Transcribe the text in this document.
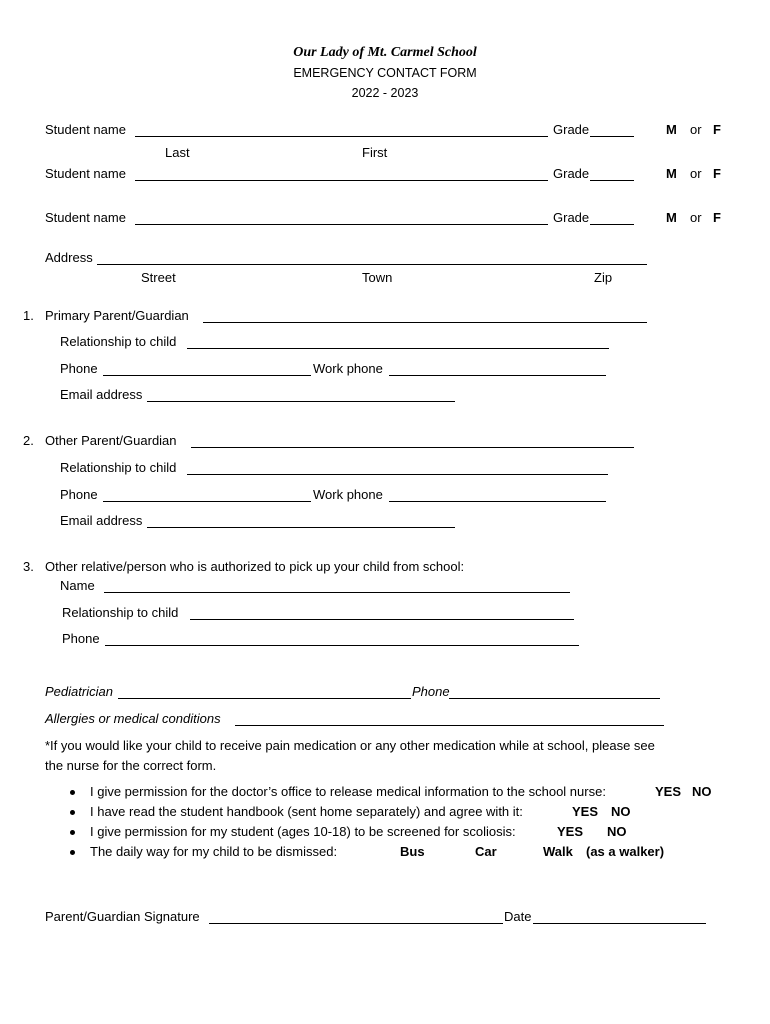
Our Lady of Mt. Carmel School
EMERGENCY CONTACT FORM
2022 - 2023
Student name	Grade	M or F
Last	First
Student name	Grade	M or F
Student name	Grade	M or F
Address
Street	Town	Zip
1. Primary Parent/Guardian
Relationship to child
Phone	Work phone
Email address
2. Other Parent/Guardian
Relationship to child
Phone	Work phone
Email address
3. Other relative/person who is authorized to pick up your child from school:
Name
Relationship to child
Phone
Pediatrician	Phone
Allergies or medical conditions
*If you would like your child to receive pain medication or any other medication while at school, please see
the nurse for the correct form.
I give permission for the doctor’s office to release medical information to the school nurse:	YES NO
I have read the student handbook (sent home separately) and agree with it:	YES NO
I give permission for my student (ages 10-18) to be screened for scoliosis:	YES NO
The daily way for my child to be dismissed:	Bus	Car	Walk (as a walker)
Parent/Guardian Signature	Date
